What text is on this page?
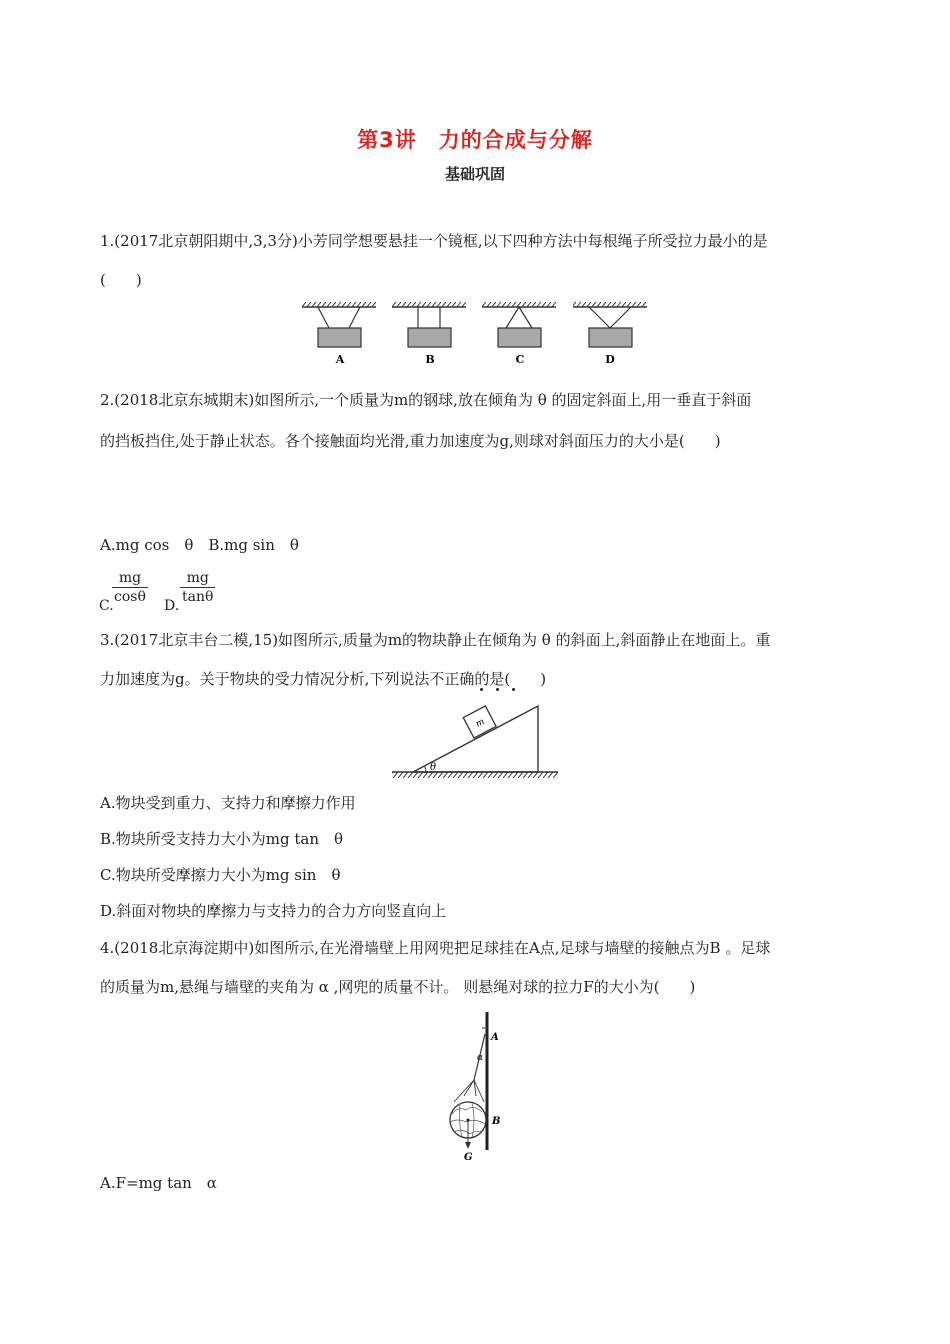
第3讲　力的合成与分解
基础巩固
1.(2017北京朝阳期中,3,3分)小芳同学想要悬挂一个镜框,以下四种方法中每根绳子所受拉力最小的是
(　　)
A	B	C	D
2.(2018北京东城期末)如图所示,一个质量为m的钢球,放在倾角为 θ 的固定斜面上,用一垂直于斜面
的挡板挡住,处于静止状态。各个接触面均光滑,重力加速度为g,则球对斜面压力的大小是(　　)
A.mg cos　θ　B.mg sin　θ
$\frac{mg}{\cos\theta}$
C.	$\frac{mg}{\tan\theta}$
D.
3.(2017北京丰台二模,15)如图所示,质量为m的物块静止在倾角为 θ 的斜面上,斜面静止在地面上。重
力加速度为g。关于物块的受力情况分析,下列说法不正确的是(　　)
θ
m
A.物块受到重力、支持力和摩擦力作用
B.物块所受支持力大小为mg tan　θ
C.物块所受摩擦力大小为mg sin　θ
D.斜面对物块的摩擦力与支持力的合力方向竖直向上
4.(2018北京海淀期中)如图所示,在光滑墙壁上用网兜把足球挂在A点,足球与墙壁的接触点为B 。足球
的质量为m,悬绳与墙壁的夹角为 α ,网兜的质量不计。 则悬绳对球的拉力F的大小为(　　)
A
α
B
G
A.F=mg tan　α
